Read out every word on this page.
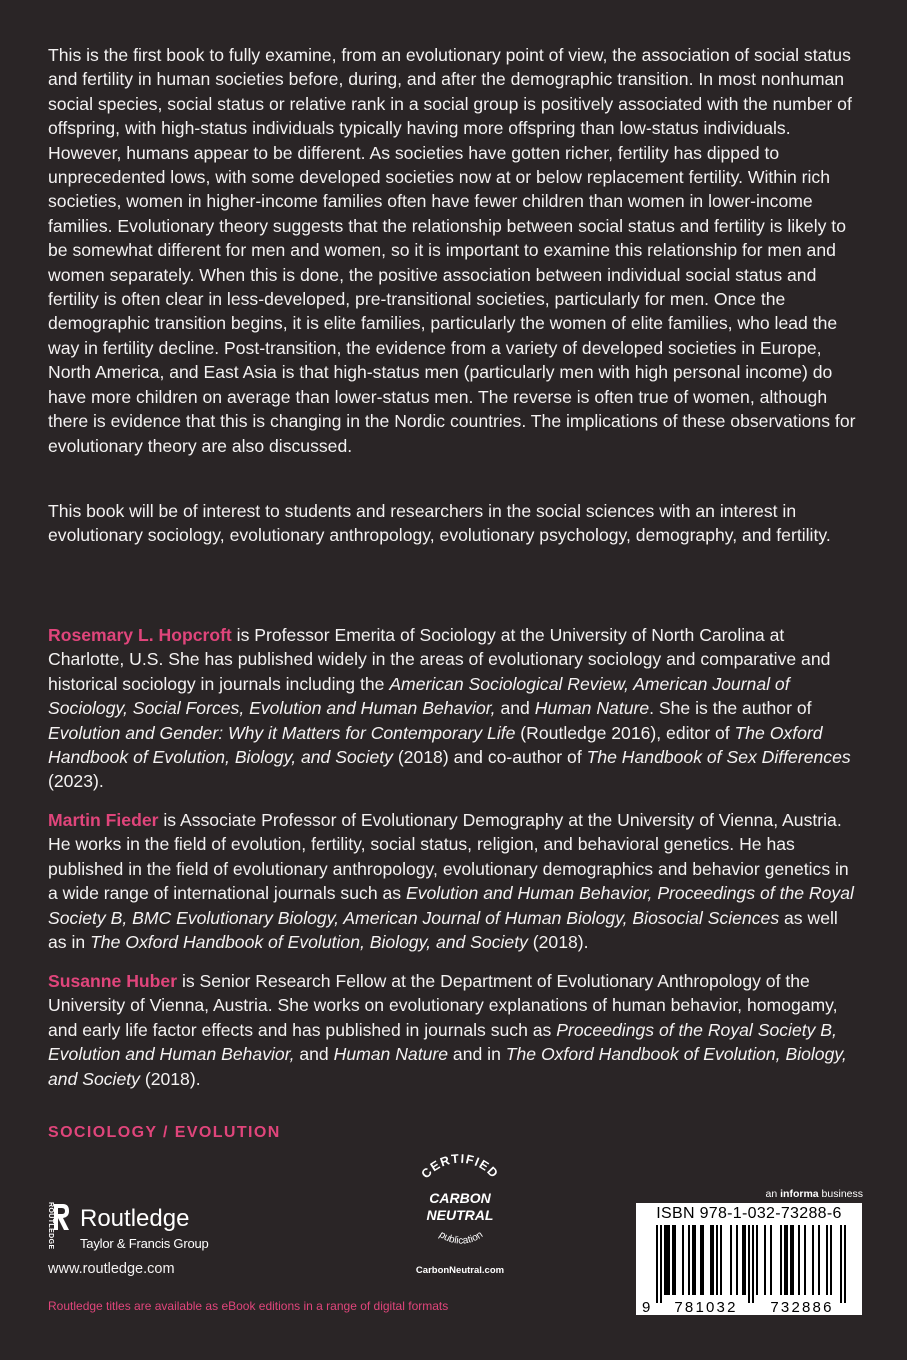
This is the first book to fully examine, from an evolutionary point of view, the association of social status and fertility in human societies before, during, and after the demographic transition. In most nonhuman social species, social status or relative rank in a social group is positively associated with the number of offspring, with high-status individuals typically having more offspring than low-status individuals. However, humans appear to be different. As societies have gotten richer, fertility has dipped to unprecedented lows, with some developed societies now at or below replacement fertility. Within rich societies, women in higher-income families often have fewer children than women in lower-income families. Evolutionary theory suggests that the relationship between social status and fertility is likely to be somewhat different for men and women, so it is important to examine this relationship for men and women separately. When this is done, the positive association between individual social status and fertility is often clear in less-developed, pre-transitional societies, particularly for men. Once the demographic transition begins, it is elite families, particularly the women of elite families, who lead the way in fertility decline. Post-transition, the evidence from a variety of developed societies in Europe, North America, and East Asia is that high-status men (particularly men with high personal income) do have more children on average than lower-status men. The reverse is often true of women, although there is evidence that this is changing in the Nordic countries. The implications of these observations for evolutionary theory are also discussed.
This book will be of interest to students and researchers in the social sciences with an interest in evolutionary sociology, evolutionary anthropology, evolutionary psychology, demography, and fertility.
Rosemary L. Hopcroft is Professor Emerita of Sociology at the University of North Carolina at Charlotte, U.S. She has published widely in the areas of evolutionary sociology and comparative and historical sociology in journals including the American Sociological Review, American Journal of Sociology, Social Forces, Evolution and Human Behavior, and Human Nature. She is the author of Evolution and Gender: Why it Matters for Contemporary Life (Routledge 2016), editor of The Oxford Handbook of Evolution, Biology, and Society (2018) and co-author of The Handbook of Sex Differences (2023).
Martin Fieder is Associate Professor of Evolutionary Demography at the University of Vienna, Austria. He works in the field of evolution, fertility, social status, religion, and behavioral genetics. He has published in the field of evolutionary anthropology, evolutionary demographics and behavior genetics in a wide range of international journals such as Evolution and Human Behavior, Proceedings of the Royal Society B, BMC Evolutionary Biology, American Journal of Human Biology, Biosocial Sciences as well as in The Oxford Handbook of Evolution, Biology, and Society (2018).
Susanne Huber is Senior Research Fellow at the Department of Evolutionary Anthropology of the University of Vienna, Austria. She works on evolutionary explanations of human behavior, homogamy, and early life factor effects and has published in journals such as Proceedings of the Royal Society B, Evolution and Human Behavior, and Human Nature and in The Oxford Handbook of Evolution, Biology, and Society (2018).
SOCIOLOGY / EVOLUTION
ROUTLEDGE Routledge
Taylor & Francis Group
www.routledge.com
Routledge titles are available as eBook editions in a range of digital formats
CERTIFIED
CARBON
NEUTRAL
publication
CarbonNeutral.com
an informa business
ISBN 978-1-032-73288-6
9 781032 732886
